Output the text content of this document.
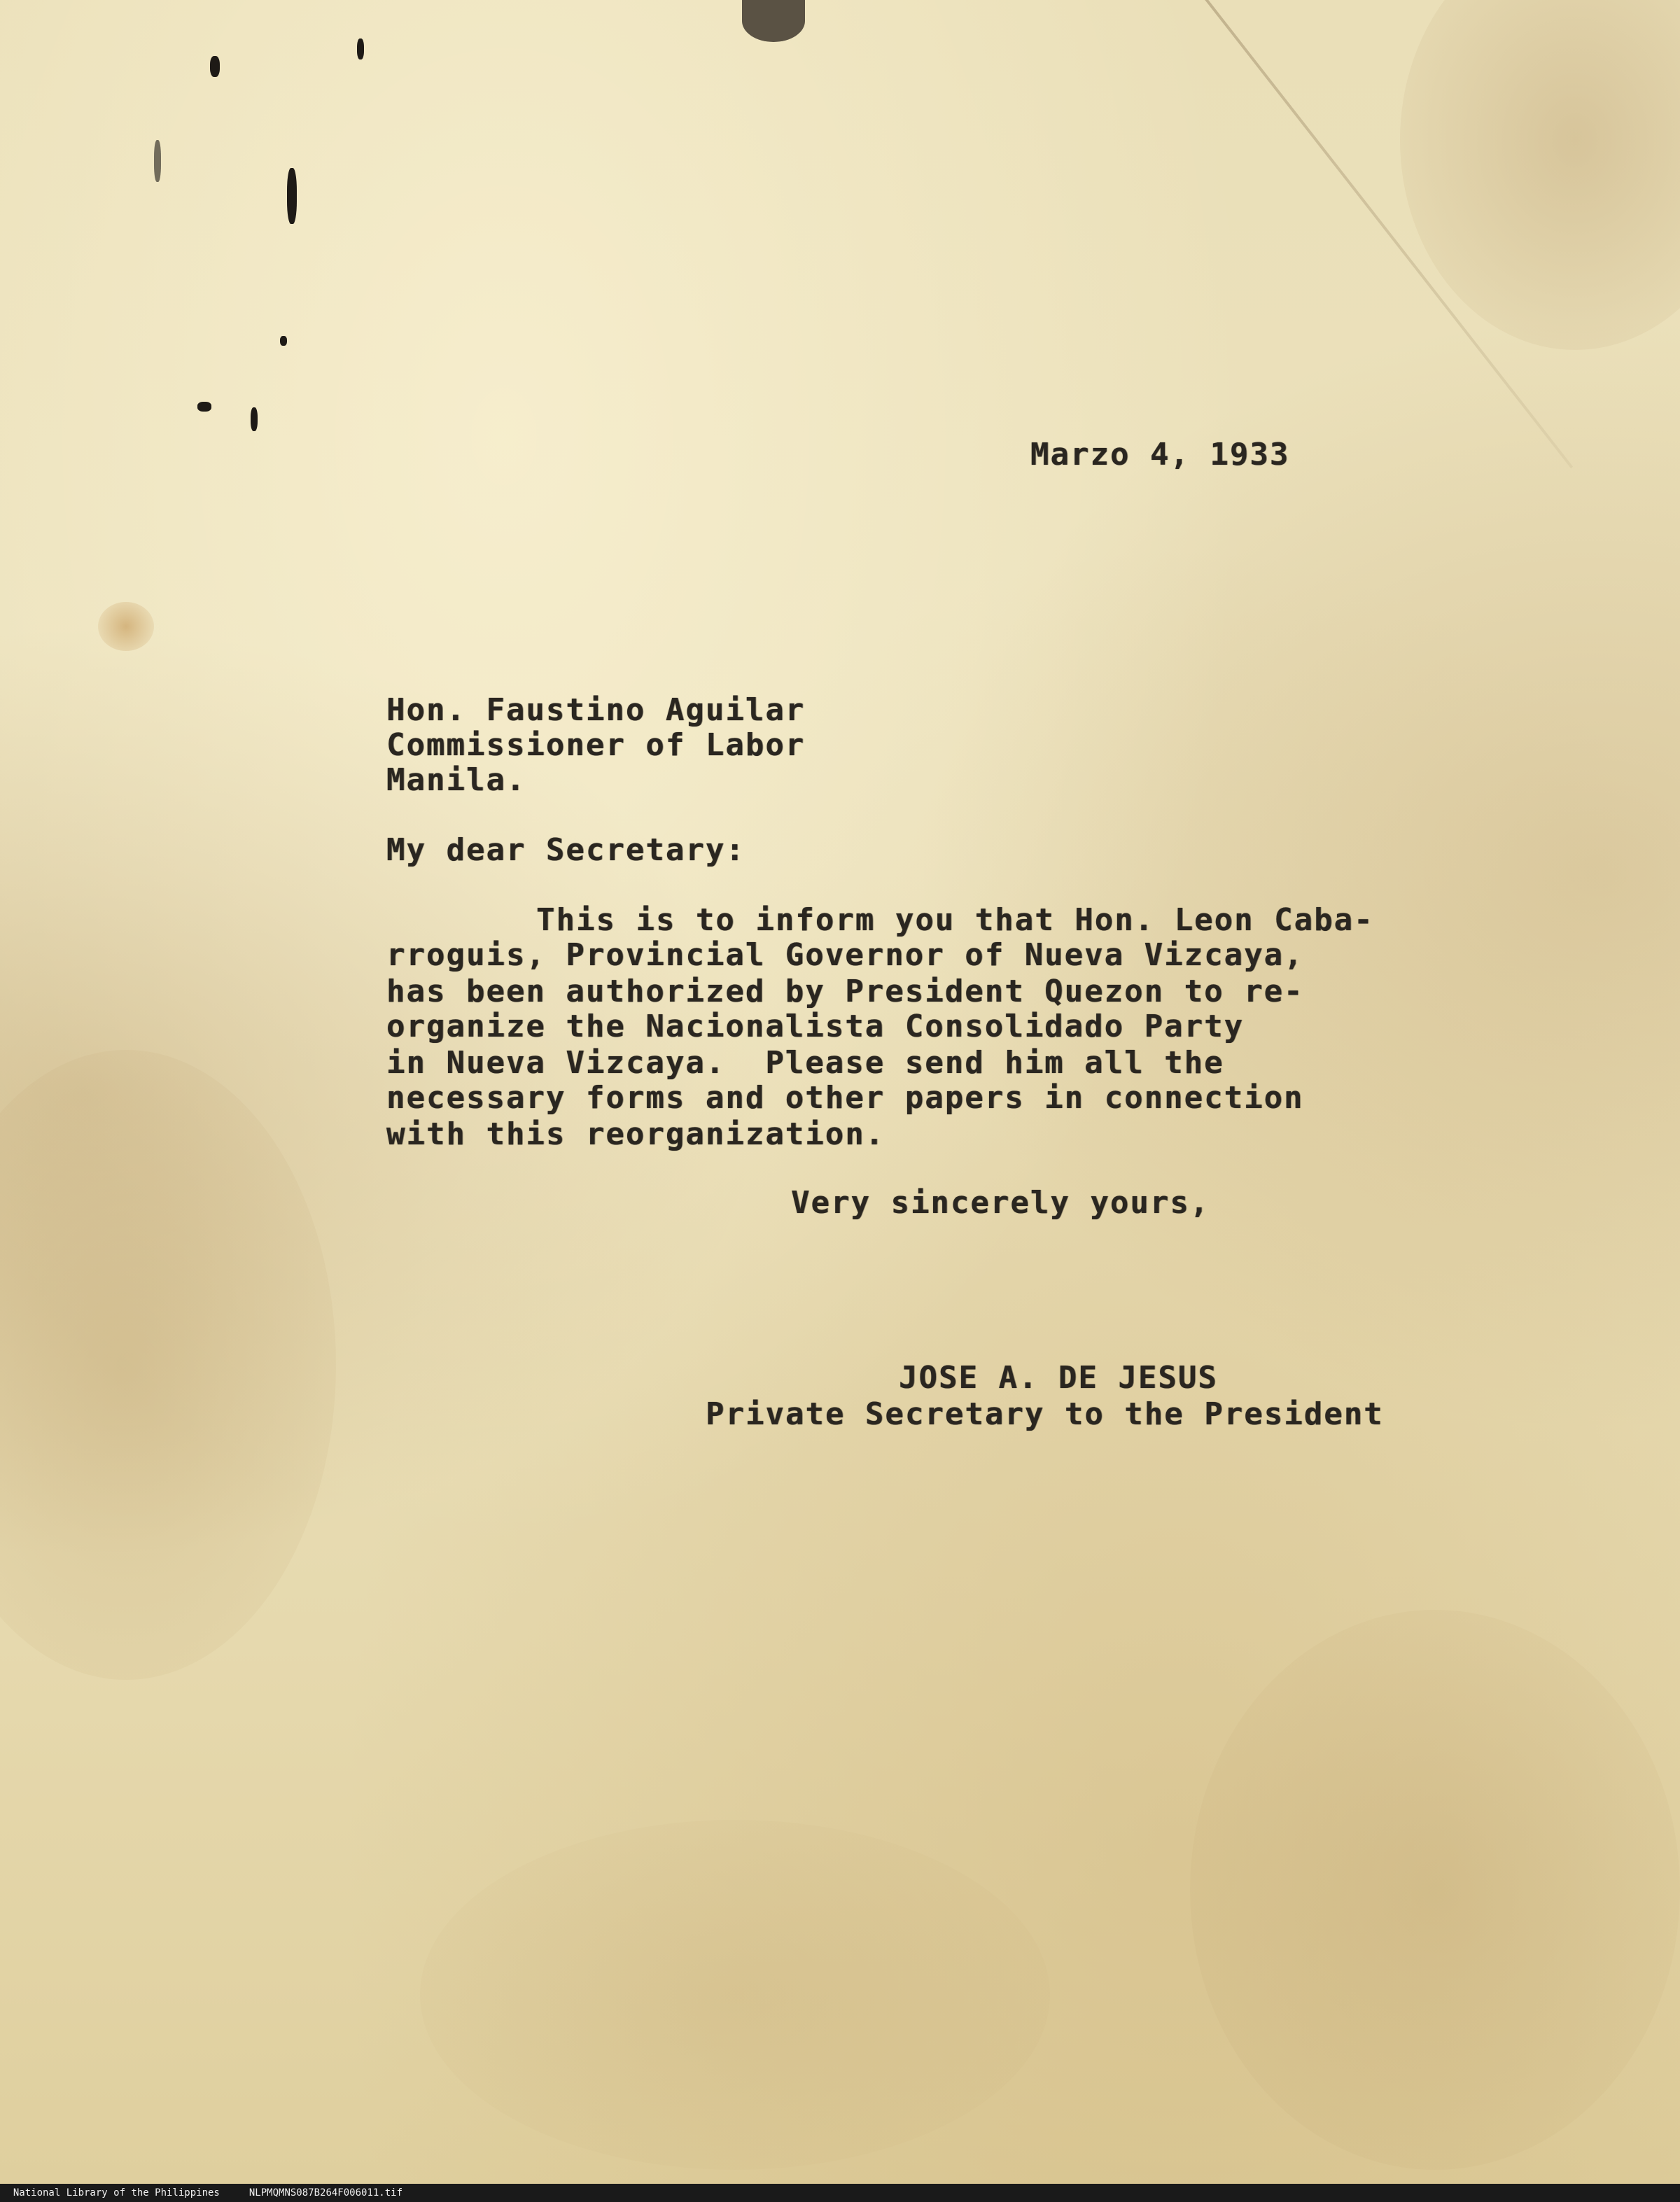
Marzo 4, 1933
Hon. Faustino Aguilar
Commissioner of Labor
Manila.
My dear Secretary:
This is to inform you that Hon. Leon Caba-
rroguis, Provincial Governor of Nueva Vizcaya,
has been authorized by President Quezon to re-
organize the Nacionalista Consolidado Party
in Nueva Vizcaya.  Please send him all the
necessary forms and other papers in connection
with this reorganization.
Very sincerely yours,
JOSE A. DE JESUS
Private Secretary to the President
